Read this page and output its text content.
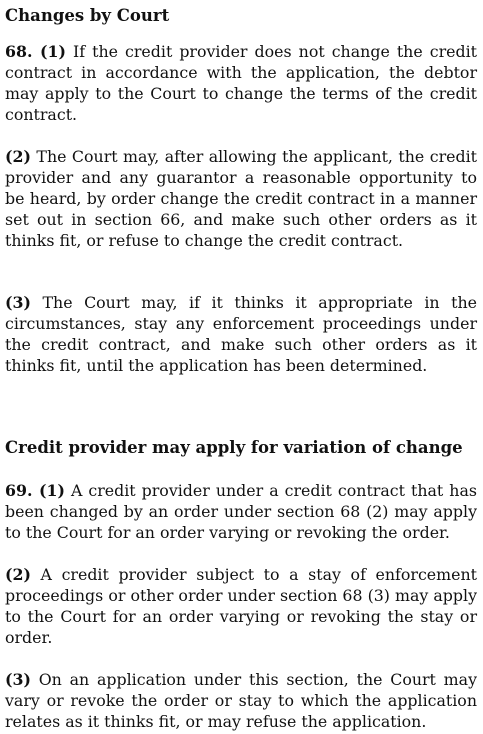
Changes by Court

68. (1) If the credit provider does not change the credit contract in accordance with the application, the debtor may apply to the Court to change the terms of the credit contract.

(2) The Court may, after allowing the applicant, the credit provider and any guarantor a reasonable opportunity to be heard, by order change the credit contract in a manner set out in section 66, and make such other orders as it thinks fit, or refuse to change the credit contract.

(3) The Court may, if it thinks it appropriate in the circumstances, stay any enforcement proceedings under the credit contract, and make such other orders as it thinks fit, until the application has been determined.

Credit provider may apply for variation of change

69. (1) A credit provider under a credit contract that has been changed by an order under section 68 (2) may apply to the Court for an order varying or revoking the order.

(2) A credit provider subject to a stay of enforcement proceedings or other order under section 68 (3) may apply to the Court for an order varying or revoking the stay or order.

(3) On an application under this section, the Court may vary or revoke the order or stay to which the application relates as it thinks fit, or may refuse the application.
